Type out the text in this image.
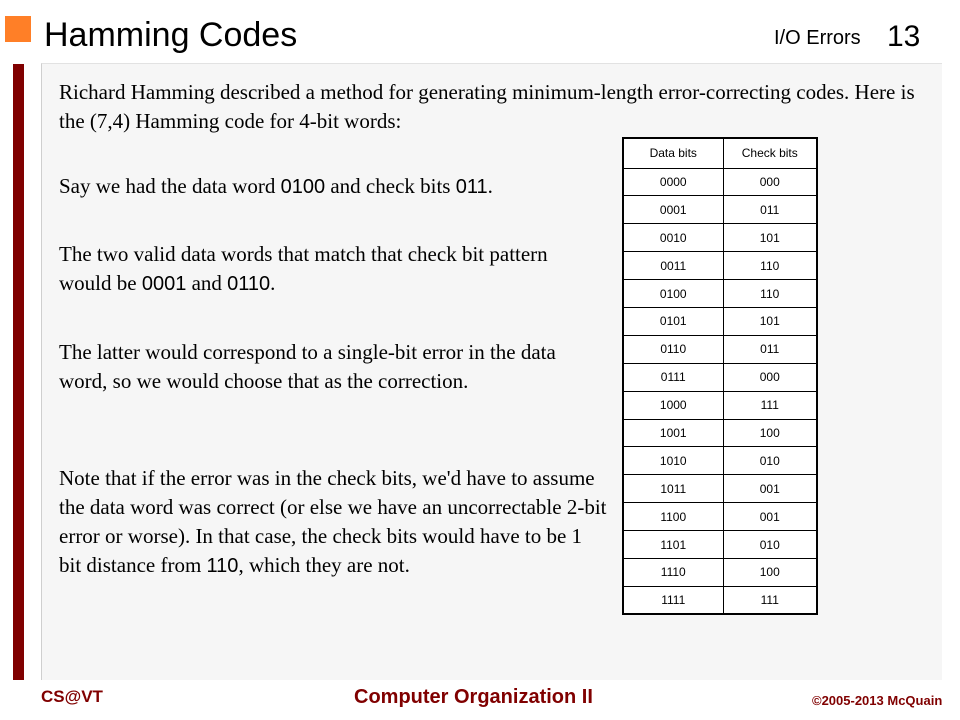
Hamming Codes	I/O Errors 13

Richard Hamming described a method for generating minimum-length error-correcting codes. Here is the (7,4) Hamming code for 4-bit words:

Say we had the data word 0100 and check bits 011.

The two valid data words that match that check bit pattern would be 0001 and 0110.

The latter would correspond to a single-bit error in the data word, so we would choose that as the correction.

Note that if the error was in the check bits, we'd have to assume the data word was correct (or else we have an uncorrectable 2-bit error or worse). In that case, the check bits would have to be 1 bit distance from 110, which they are not.

Data bits	Check bits
0000	000
0001	011
0010	101
0011	110
0100	110
0101	101
0110	011
0111	000
1000	111
1001	100
1010	010
1011	001
1100	001
1101	010
1110	100
1111	111
CS@VT	Computer Organization II	©2005-2013 McQuain
